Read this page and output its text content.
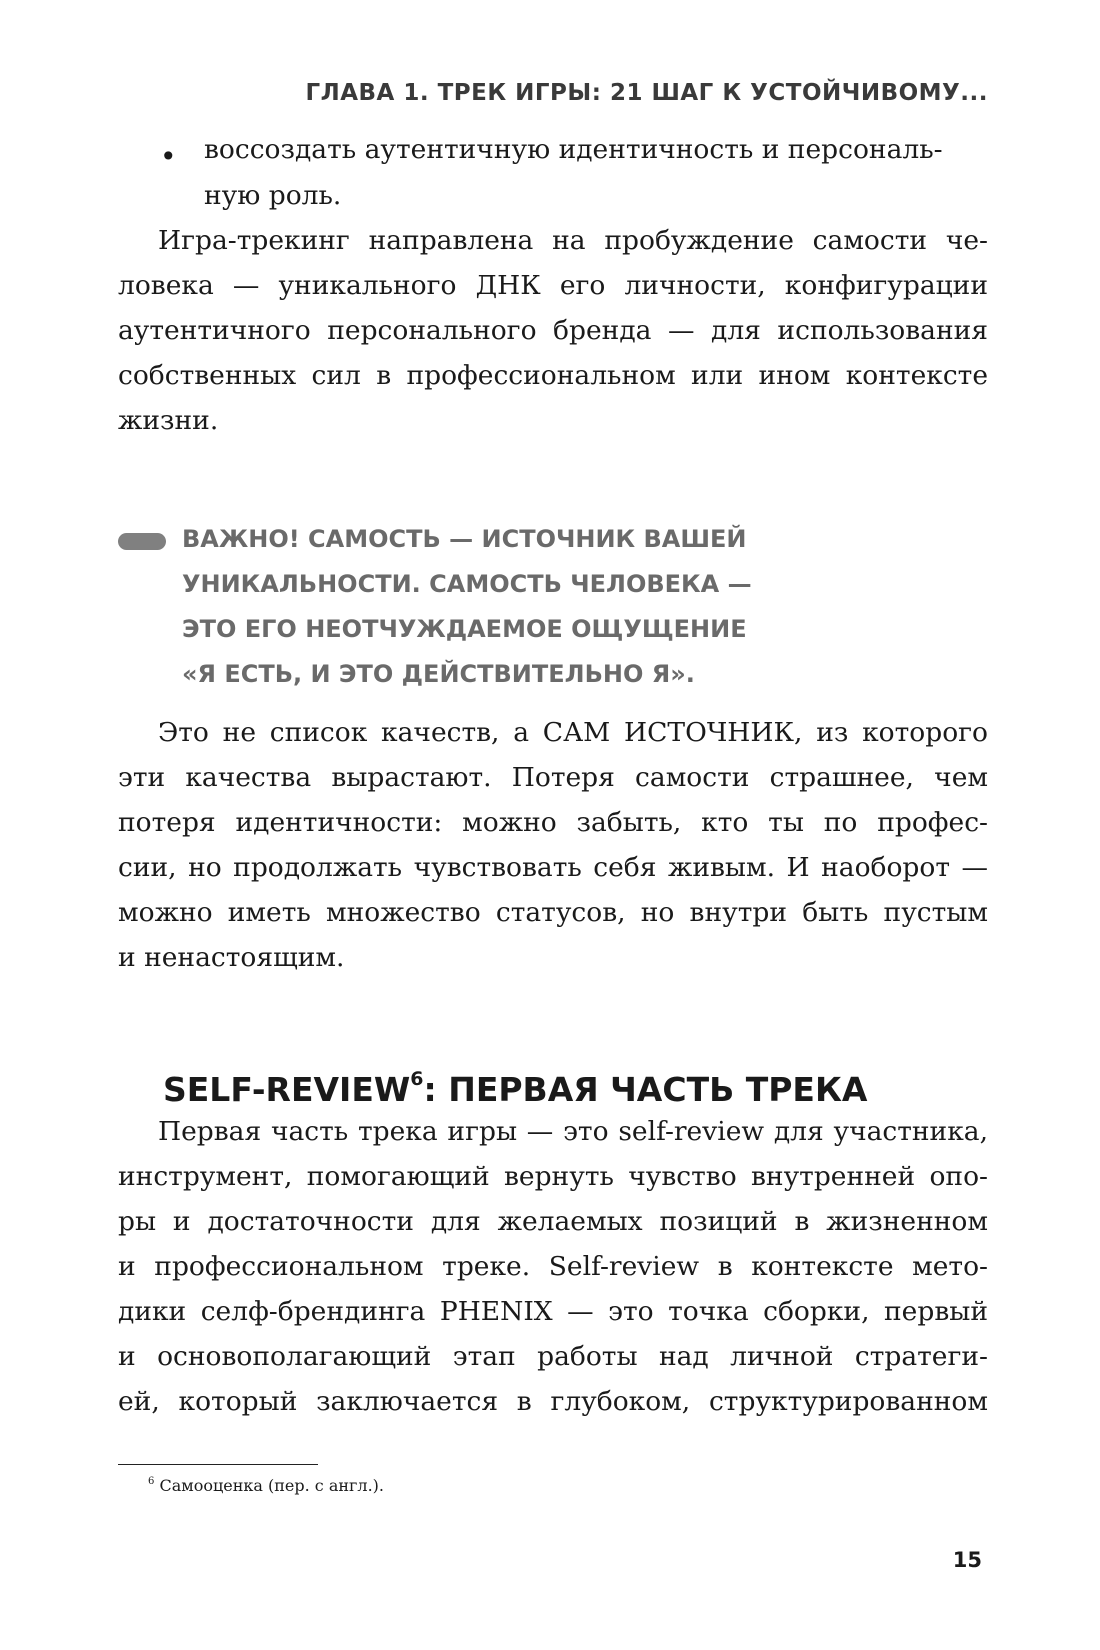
ГЛАВА 1. ТРЕК ИГРЫ: 21 ШАГ К УСТОЙЧИВОМУ...
• воссоздать аутентичную идентичность и персональ-
ную роль.
Игра-трекинг направлена на пробуждение самости че-
ловека — уникального ДНК его личности, конфигурации
аутентичного персонального бренда — для использования
собственных сил в профессиональном или ином контексте
жизни.
ВАЖНО! САМОСТЬ — ИСТОЧНИК ВАШЕЙ
УНИКАЛЬНОСТИ. САМОСТЬ ЧЕЛОВЕКА —
ЭТО ЕГО НЕОТЧУЖДАЕМОЕ ОЩУЩЕНИЕ
«Я ЕСТЬ, И ЭТО ДЕЙСТВИТЕЛЬНО Я».
Это не список качеств, а САМ ИСТОЧНИК, из которого
эти качества вырастают. Потеря самости страшнее, чем
потеря идентичности: можно забыть, кто ты по профес-
сии, но продолжать чувствовать себя живым. И наоборот —
можно иметь множество статусов, но внутри быть пустым
и ненастоящим.
SELF-REVIEW$^6$: ПЕРВАЯ ЧАСТЬ ТРЕКА
Первая часть трека игры — это self-review для участника,
инструмент, помогающий вернуть чувство внутренней опо-
ры и достаточности для желаемых позиций в жизненном
и профессиональном треке. Self-review в контексте мето-
дики селф-брендинга PHENIX — это точка сборки, первый
и основополагающий этап работы над личной стратеги-
ей, который заключается в глубоком, структурированном
$^6$ Самооценка (пер. с англ.).
15
